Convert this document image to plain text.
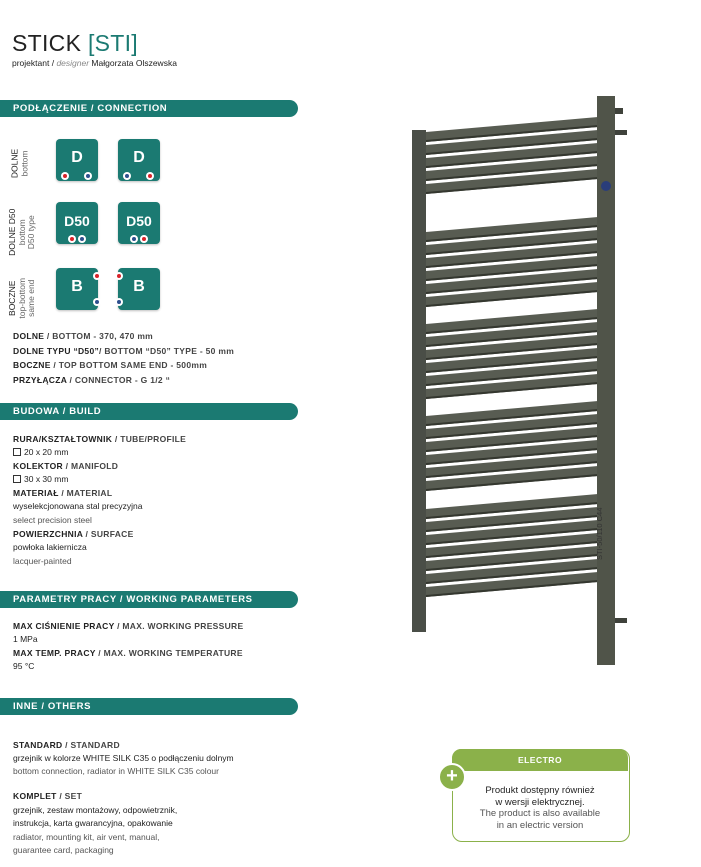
STICK [STI]
projektant / designer Małgorzata Olszewska
PODŁĄCZENIE / CONNECTION
DOLNE bottom	D	D
DOLNE D50 bottom D50 type	D50	D50
BOCZNE top-bottom same end	B	B
DOLNE / BOTTOM - 370, 470 mm
DOLNE TYPU “D50”/ BOTTOM “D50” TYPE - 50 mm
BOCZNE / TOP BOTTOM SAME END - 500mm
PRZYŁĄCZA / CONNECTOR - G 1/2 “
BUDOWA / BUILD
RURA/KSZTAŁTOWNIK / TUBE/PROFILE
20 x 20 mm
KOLEKTOR / MANIFOLD
30 x 30 mm
MATERIAŁ / MATERIAL
wyselekcjonowana stal precyzyjna
select precision steel
POWIERZCHNIA / SURFACE
powłoka lakiernicza
lacquer-painted
PARAMETRY PRACY / WORKING PARAMETERS
MAX CIŚNIENIE PRACY / MAX. WORKING PRESSURE
1 MPa
MAX TEMP. PRACY / MAX. WORKING TEMPERATURE
95 °C
INNE / OTHERS
STANDARD / STANDARD
grzejnik w kolorze WHITE SILK C35 o podłączeniu dolnym
bottom connection, radiator in WHITE SILK C35 colour
KOMPLET / SET
grzejnik, zestaw montażowy, odpowietrznik,
instrukcja, karta gwarancyjna, opakowanie
radiator, mounting kit, air vent, manual,
guarantee card, packaging
STI-50/110 C44
ELECTRO
+
Produkt dostępny również
w wersji elektrycznej.
The product is also available
in an electric version
